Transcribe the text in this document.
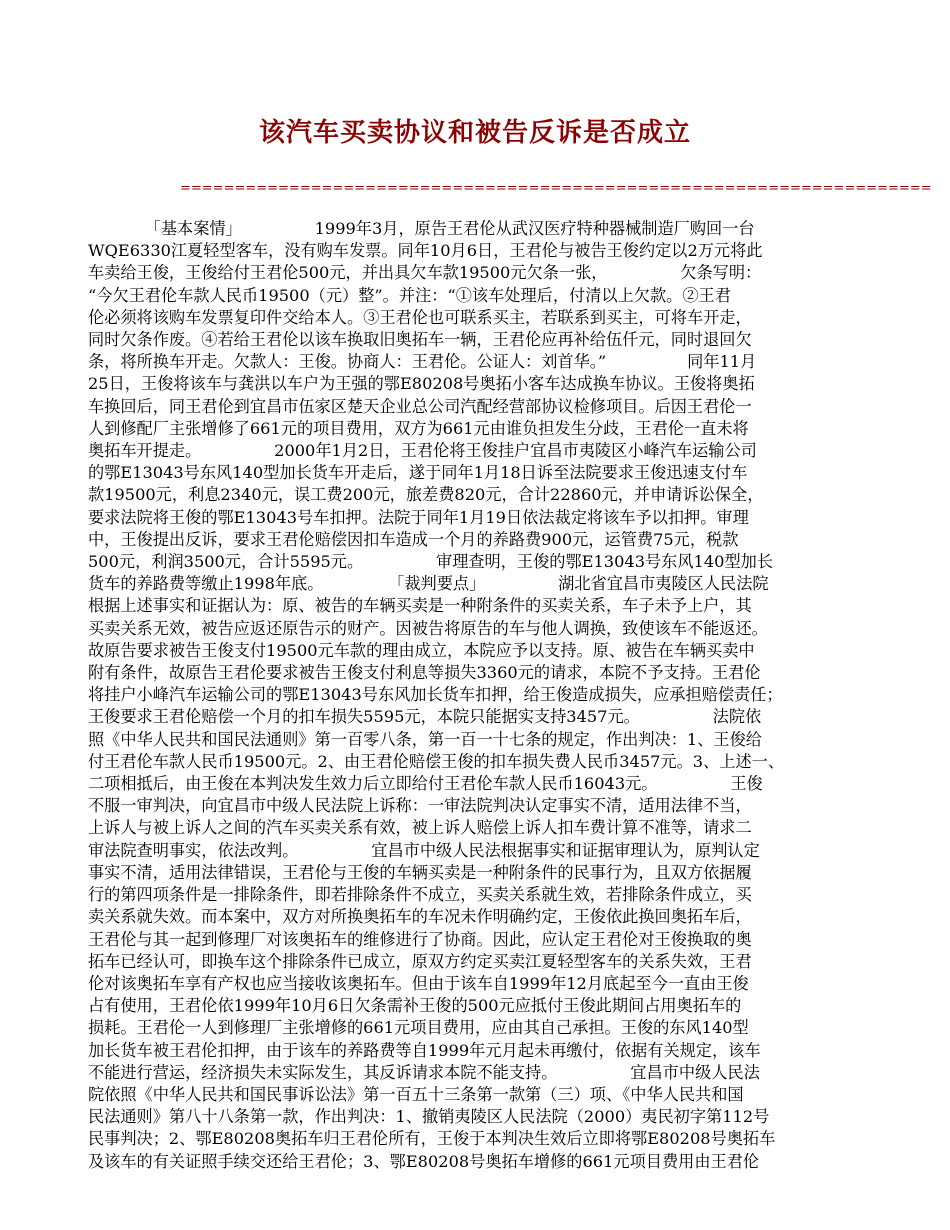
该汽车买卖协议和被告反诉是否成立
=====================================================================

　　　　「基本案情」　　　　　1999年3月，原告王君伦从武汉医疗特种器械制造厂购回一台

WQE6330江夏轻型客车，没有购车发票。同年10月6日，王君伦与被告王俊约定以2万元将此

车卖给王俊，王俊给付王君伦500元，并出具欠车款19500元欠条一张，　　　　　欠条写明：

“今欠王君伦车款人民币19500（元）整”。并注：“①该车处理后，付清以上欠款。②王君

伦必须将该购车发票复印件交给本人。③王君伦也可联系买主，若联系到买主，可将车开走，

同时欠条作废。④若给王君伦以该车换取旧奥拓车一辆，王君伦应再补给伍仟元，同时退回欠

条，将所换车开走。欠款人：王俊。协商人：王君伦。公证人：刘首华。”　　　　　同年11月

25日，王俊将该车与龚洪以车户为王强的鄂E80208号奥拓小客车达成换车协议。王俊将奥拓

车换回后，同王君伦到宜昌市伍家区楚天企业总公司汽配经营部协议检修项目。后因王君伦一

人到修配厂主张增修了661元的项目费用，双方为661元由谁负担发生分歧，王君伦一直未将

奥拓车开提走。　　　　　2000年1月2日，王君伦将王俊挂户宜昌市夷陵区小峰汽车运输公司

的鄂E13043号东风140型加长货车开走后，遂于同年1月18日诉至法院要求王俊迅速支付车

款19500元，利息2340元，误工费200元，旅差费820元，合计22860元，并申请诉讼保全，

要求法院将王俊的鄂E13043号车扣押。法院于同年1月19日依法裁定将该车予以扣押。审理

中，王俊提出反诉，要求王君伦赔偿因扣车造成一个月的养路费900元，运管费75元，税款

500元，利润3500元，合计5595元。　　　　　审理查明，王俊的鄂E13043号东风140型加长

货车的养路费等缴止1998年底。　　　　　「裁判要点」　　　　　湖北省宜昌市夷陵区人民法院

根据上述事实和证据认为：原、被告的车辆买卖是一种附条件的买卖关系，车子未予上户，其

买卖关系无效，被告应返还原告示的财产。因被告将原告的车与他人调换，致使该车不能返还。

故原告要求被告王俊支付19500元车款的理由成立，本院应予以支持。原、被告在车辆买卖中

附有条件，故原告王君伦要求被告王俊支付利息等损失3360元的请求，本院不予支持。王君伦

将挂户小峰汽车运输公司的鄂E13043号东风加长货车扣押，给王俊造成损失，应承担赔偿责任；

王俊要求王君伦赔偿一个月的扣车损失5595元，本院只能据实支持3457元。　　　　　法院依

照《中华人民共和国民法通则》第一百零八条，第一百一十七条的规定，作出判决：1、王俊给

付王君伦车款人民币19500元。2、由王君伦赔偿王俊的扣车损失费人民币3457元。3、上述一、

二项相抵后，由王俊在本判决发生效力后立即给付王君伦车款人民币16043元。　　　　　王俊

不服一审判决，向宜昌市中级人民法院上诉称：一审法院判决认定事实不清，适用法律不当，

上诉人与被上诉人之间的汽车买卖关系有效，被上诉人赔偿上诉人扣车费计算不准等，请求二

审法院查明事实，依法改判。　　　　　宜昌市中级人民法根据事实和证据审理认为，原判认定

事实不清，适用法律错误，王君伦与王俊的车辆买卖是一种附条件的民事行为，且双方依据履

行的第四项条件是一排除条件，即若排除条件不成立，买卖关系就生效，若排除条件成立，买

卖关系就失效。而本案中，双方对所换奥拓车的车况未作明确约定，王俊依此换回奥拓车后，

王君伦与其一起到修理厂对该奥拓车的维修进行了协商。因此，应认定王君伦对王俊换取的奥

拓车已经认可，即换车这个排除条件已成立，原双方约定买卖江夏轻型客车的关系失效，王君

伦对该奥拓车享有产权也应当接收该奥拓车。但由于该车自1999年12月底起至今一直由王俊

占有使用，王君伦依1999年10月6日欠条需补王俊的500元应抵付王俊此期间占用奥拓车的

损耗。王君伦一人到修理厂主张增修的661元项目费用，应由其自己承担。王俊的东风140型

加长货车被王君伦扣押，由于该车的养路费等自1999年元月起未再缴付，依据有关规定，该车

不能进行营运，经济损失未实际发生，其反诉请求本院不能支持。　　　　　宜昌市中级人民法

院依照《中华人民共和国民事诉讼法》第一百五十三条第一款第（三）项、《中华人民共和国

民法通则》第八十八条第一款，作出判决：1、撤销夷陵区人民法院（2000）夷民初字第112号

民事判决；2、鄂E80208奥拓车归王君伦所有，王俊于本判决生效后立即将鄂E80208号奥拓车

及该车的有关证照手续交还给王君伦；3、鄂E80208号奥拓车增修的661元项目费用由王君伦
